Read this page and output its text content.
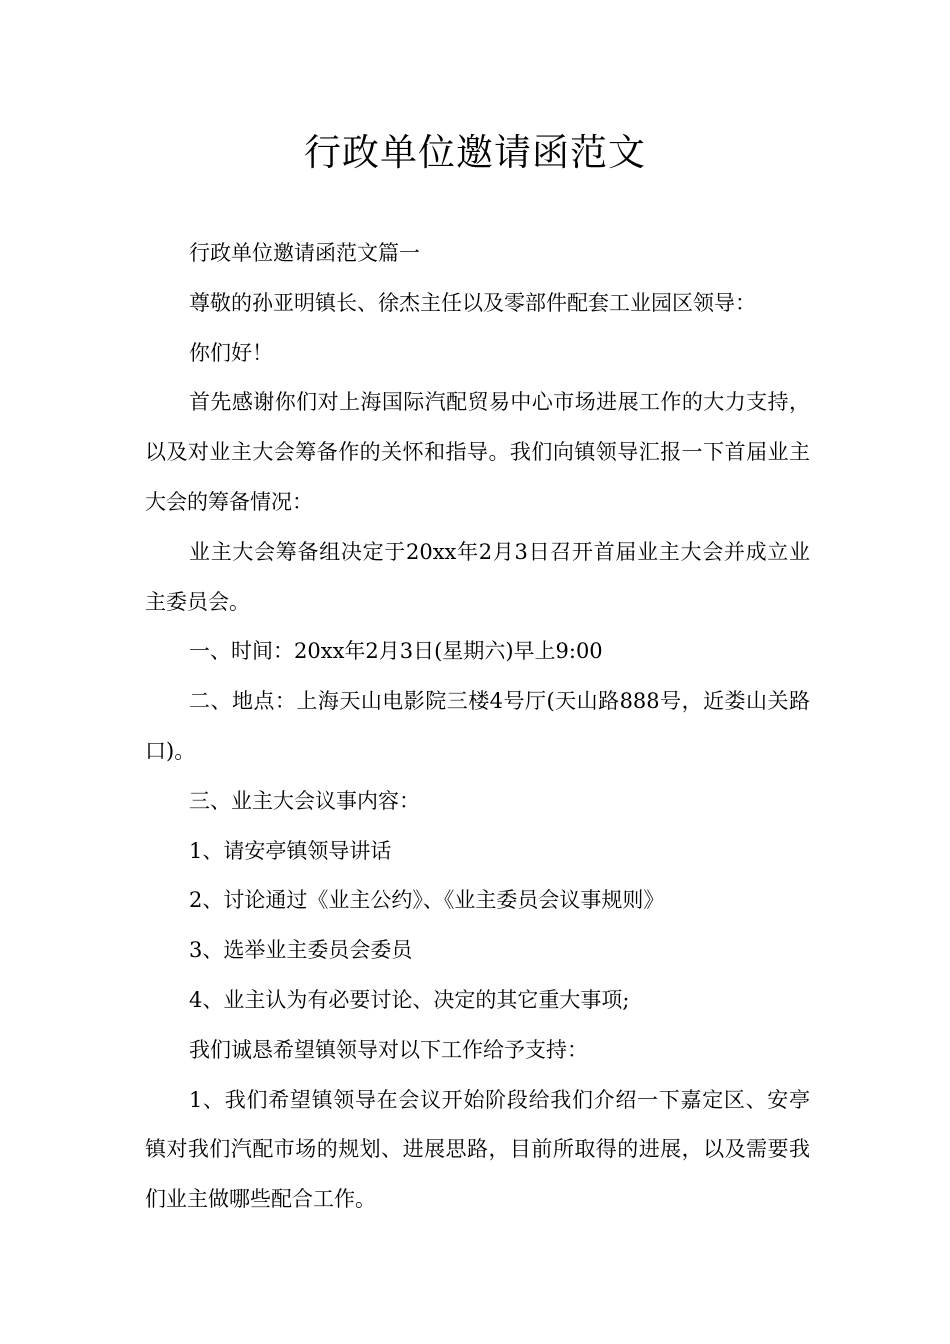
行政单位邀请函范文

行政单位邀请函范文篇一

尊敬的孙亚明镇长、徐杰主任以及零部件配套工业园区领导：

你们好！

首先感谢你们对上海国际汽配贸易中心市场进展工作的大力支持，以及对业主大会筹备作的关怀和指导。我们向镇领导汇报一下首届业主大会的筹备情况：

业主大会筹备组决定于20xx年2月3日召开首届业主大会并成立业主委员会。

一、时间：20xx年2月3日(星期六)早上9:00

二、地点：上海天山电影院三楼4号厅(天山路888号，近娄山关路口)。

三、业主大会议事内容：

1、请安亭镇领导讲话

2、讨论通过《业主公约》、《业主委员会议事规则》

3、选举业主委员会委员

4、业主认为有必要讨论、决定的其它重大事项;

我们诚恳希望镇领导对以下工作给予支持：

1、我们希望镇领导在会议开始阶段给我们介绍一下嘉定区、安亭镇对我们汽配市场的规划、进展思路，目前所取得的进展，以及需要我们业主做哪些配合工作。
